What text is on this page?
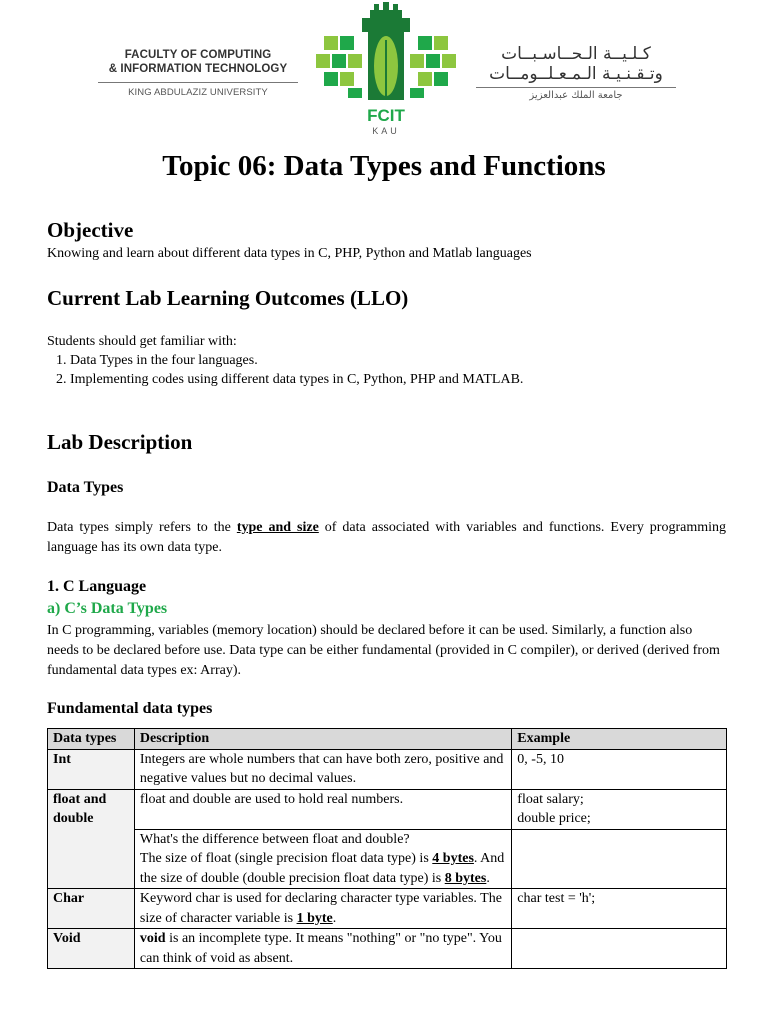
FACULTY OF COMPUTING
& INFORMATION TECHNOLOGY
KING ABDULAZIZ UNIVERSITY
FCIT
KAU
كـلـيــة الـحــاسـبــات
وتـقـنـيـة الـمـعـلــومــات
جامعة الملك عبدالعزيز
Topic 06: Data Types and Functions
Objective

Knowing and learn about different data types in C, PHP, Python and Matlab languages

Current Lab Learning Outcomes (LLO)

Students should get familiar with:

1. Data Types in the four languages.
2. Implementing codes using different data types in C, Python, PHP and MATLAB.
Lab Description
Data Types

Data types simply refers to the type and size of data associated with variables and functions. Every programming language has its own data type.

1. C Language
a) C’s Data Types

In C programming, variables (memory location) should be declared before it can be used. Similarly, a function also needs to be declared before use. Data type can be either fundamental (provided in C compiler), or derived (derived from fundamental data types ex: Array).

Fundamental data types
Data types	Description	Example
Int	Integers are whole numbers that can have both zero, positive and negative values but no decimal values.	0, -5, 10
float and double	float and double are used to hold real numbers.	float salary;
double price;

	What's the difference between float and double?
The size of float (single precision float data type) is 4 bytes. And the size of double (double precision float data type) is 8 bytes.	

Char	Keyword char is used for declaring character type variables. The size of character variable is 1 byte.	char test = 'h';
Void	void is an incomplete type. It means "nothing" or "no type". You can think of void as absent.	
